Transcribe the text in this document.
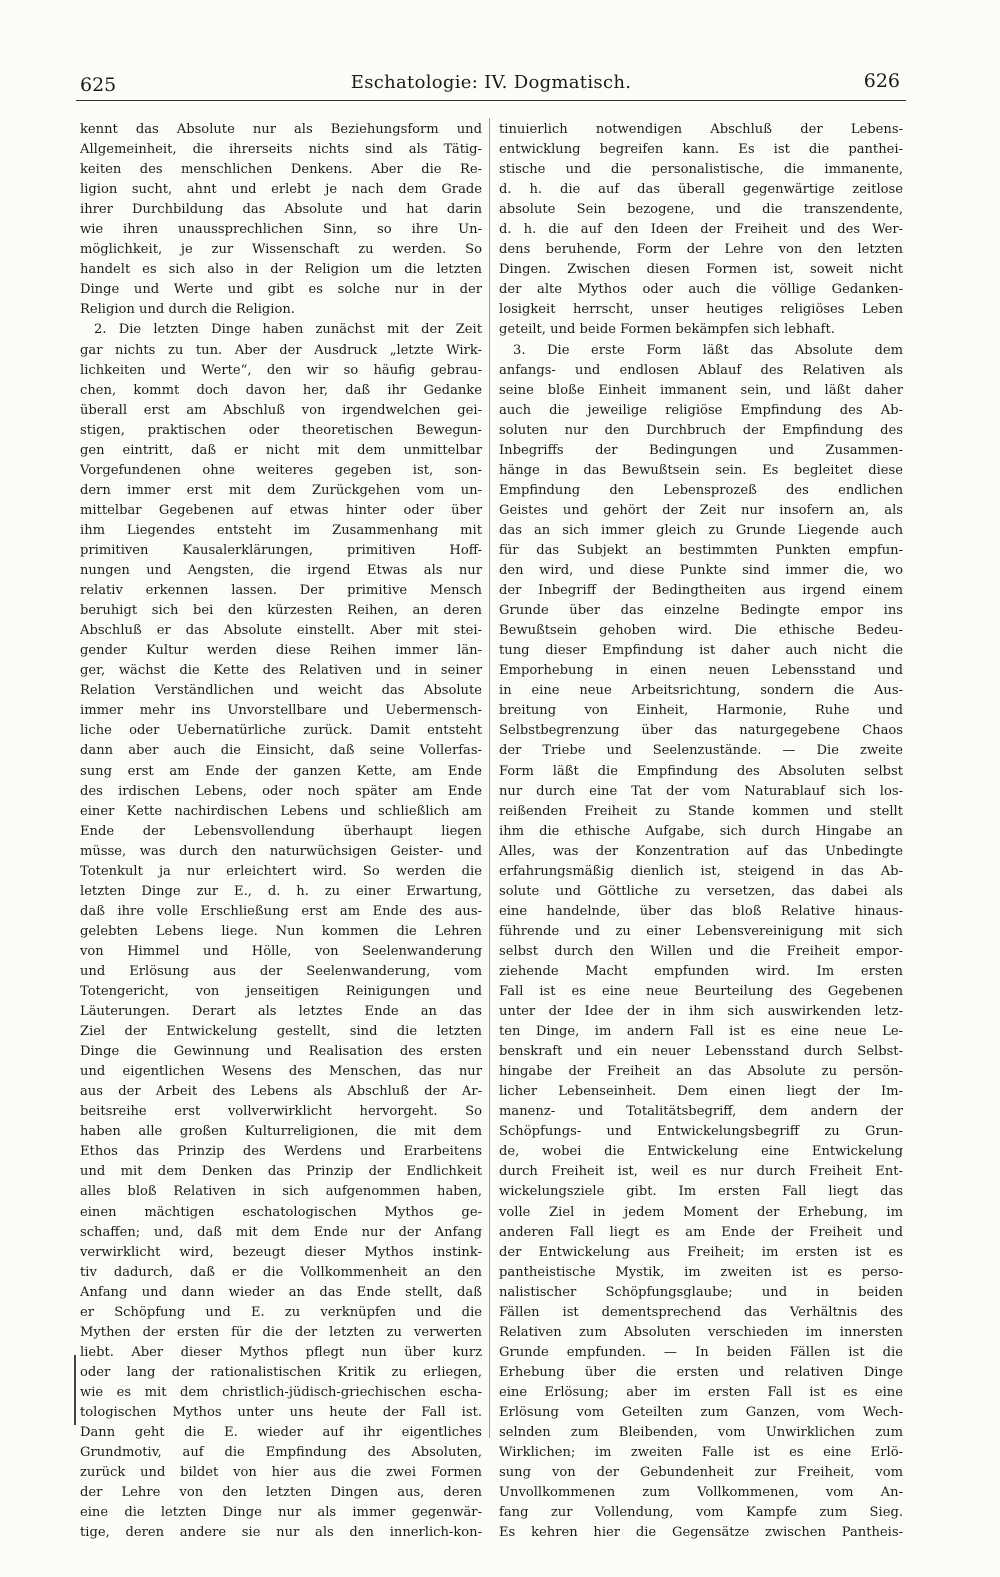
625	Eschatologie: IV. Dogmatisch.	626
kennt das Absolute nur als Beziehungsform und
Allgemeinheit, die ihrerseits nichts sind als Tätig-
keiten des menschlichen Denkens. Aber die Re-
ligion sucht, ahnt und erlebt je nach dem Grade
ihrer Durchbildung das Absolute und hat darin
wie ihren unaussprechlichen Sinn, so ihre Un-
möglichkeit, je zur Wissenschaft zu werden. So
handelt es sich also in der Religion um die letzten
Dinge und Werte und gibt es solche nur in der
Religion und durch die Religion.
2. Die letzten Dinge haben zunächst mit der Zeit
gar nichts zu tun. Aber der Ausdruck „letzte Wirk-
lichkeiten und Werte“, den wir so häufig gebrau-
chen, kommt doch davon her, daß ihr Gedanke
überall erst am Abschluß von irgendwelchen gei-
stigen, praktischen oder theoretischen Bewegun-
gen eintritt, daß er nicht mit dem unmittelbar
Vorgefundenen ohne weiteres gegeben ist, son-
dern immer erst mit dem Zurückgehen vom un-
mittelbar Gegebenen auf etwas hinter oder über
ihm Liegendes entsteht im Zusammenhang mit
primitiven Kausalerklärungen, primitiven Hoff-
nungen und Aengsten, die irgend Etwas als nur
relativ erkennen lassen. Der primitive Mensch
beruhigt sich bei den kürzesten Reihen, an deren
Abschluß er das Absolute einstellt. Aber mit stei-
gender Kultur werden diese Reihen immer län-
ger, wächst die Kette des Relativen und in seiner
Relation Verständlichen und weicht das Absolute
immer mehr ins Unvorstellbare und Uebermensch-
liche oder Uebernatürliche zurück. Damit entsteht
dann aber auch die Einsicht, daß seine Vollerfas-
sung erst am Ende der ganzen Kette, am Ende
des irdischen Lebens, oder noch später am Ende
einer Kette nachirdischen Lebens und schließlich am
Ende der Lebensvollendung überhaupt liegen
müsse, was durch den naturwüchsigen Geister- und
Totenkult ja nur erleichtert wird. So werden die
letzten Dinge zur E., d. h. zu einer Erwartung,
daß ihre volle Erschließung erst am Ende des aus-
gelebten Lebens liege. Nun kommen die Lehren
von Himmel und Hölle, von Seelenwanderung
und Erlösung aus der Seelenwanderung, vom
Totengericht, von jenseitigen Reinigungen und
Läuterungen. Derart als letztes Ende an das
Ziel der Entwickelung gestellt, sind die letzten
Dinge die Gewinnung und Realisation des ersten
und eigentlichen Wesens des Menschen, das nur
aus der Arbeit des Lebens als Abschluß der Ar-
beitsreihe erst vollverwirklicht hervorgeht. So
haben alle großen Kulturreligionen, die mit dem
Ethos das Prinzip des Werdens und Erarbeitens
und mit dem Denken das Prinzip der Endlichkeit
alles bloß Relativen in sich aufgenommen haben,
einen mächtigen eschatologischen Mythos ge-
schaffen; und, daß mit dem Ende nur der Anfang
verwirklicht wird, bezeugt dieser Mythos instink-
tiv dadurch, daß er die Vollkommenheit an den
Anfang und dann wieder an das Ende stellt, daß
er Schöpfung und E. zu verknüpfen und die
Mythen der ersten für die der letzten zu verwerten
liebt. Aber dieser Mythos pflegt nun über kurz
oder lang der rationalistischen Kritik zu erliegen,
wie es mit dem christlich-jüdisch-griechischen escha-
tologischen Mythos unter uns heute der Fall ist.
Dann geht die E. wieder auf ihr eigentliches
Grundmotiv, auf die Empfindung des Absoluten,
zurück und bildet von hier aus die zwei Formen
der Lehre von den letzten Dingen aus, deren
eine die letzten Dinge nur als immer gegenwär-
tige, deren andere sie nur als den innerlich-kon-
tinuierlich notwendigen Abschluß der Lebens-
entwicklung begreifen kann. Es ist die panthei-
stische und die personalistische, die immanente,
d. h. die auf das überall gegenwärtige zeitlose
absolute Sein bezogene, und die transzendente,
d. h. die auf den Ideen der Freiheit und des Wer-
dens beruhende, Form der Lehre von den letzten
Dingen. Zwischen diesen Formen ist, soweit nicht
der alte Mythos oder auch die völlige Gedanken-
losigkeit herrscht, unser heutiges religiöses Leben
geteilt, und beide Formen bekämpfen sich lebhaft.
3. Die erste Form läßt das Absolute dem
anfangs- und endlosen Ablauf des Relativen als
seine bloße Einheit immanent sein, und läßt daher
auch die jeweilige religiöse Empfindung des Ab-
soluten nur den Durchbruch der Empfindung des
Inbegriffs der Bedingungen und Zusammen-
hänge in das Bewußtsein sein. Es begleitet diese
Empfindung den Lebensprozeß des endlichen
Geistes und gehört der Zeit nur insofern an, als
das an sich immer gleich zu Grunde Liegende auch
für das Subjekt an bestimmten Punkten empfun-
den wird, und diese Punkte sind immer die, wo
der Inbegriff der Bedingtheiten aus irgend einem
Grunde über das einzelne Bedingte empor ins
Bewußtsein gehoben wird. Die ethische Bedeu-
tung dieser Empfindung ist daher auch nicht die
Emporhebung in einen neuen Lebensstand und
in eine neue Arbeitsrichtung, sondern die Aus-
breitung von Einheit, Harmonie, Ruhe und
Selbstbegrenzung über das naturgegebene Chaos
der Triebe und Seelenzustände. — Die zweite
Form läßt die Empfindung des Absoluten selbst
nur durch eine Tat der vom Naturablauf sich los-
reißenden Freiheit zu Stande kommen und stellt
ihm die ethische Aufgabe, sich durch Hingabe an
Alles, was der Konzentration auf das Unbedingte
erfahrungsmäßig dienlich ist, steigend in das Ab-
solute und Göttliche zu versetzen, das dabei als
eine handelnde, über das bloß Relative hinaus-
führende und zu einer Lebensvereinigung mit sich
selbst durch den Willen und die Freiheit empor-
ziehende Macht empfunden wird. Im ersten
Fall ist es eine neue Beurteilung des Gegebenen
unter der Idee der in ihm sich auswirkenden letz-
ten Dinge, im andern Fall ist es eine neue Le-
benskraft und ein neuer Lebensstand durch Selbst-
hingabe der Freiheit an das Absolute zu persön-
licher Lebenseinheit. Dem einen liegt der Im-
manenz- und Totalitätsbegriff, dem andern der
Schöpfungs- und Entwickelungsbegriff zu Grun-
de, wobei die Entwickelung eine Entwickelung
durch Freiheit ist, weil es nur durch Freiheit Ent-
wickelungsziele gibt. Im ersten Fall liegt das
volle Ziel in jedem Moment der Erhebung, im
anderen Fall liegt es am Ende der Freiheit und
der Entwickelung aus Freiheit; im ersten ist es
pantheistische Mystik, im zweiten ist es perso-
nalistischer Schöpfungsglaube; und in beiden
Fällen ist dementsprechend das Verhältnis des
Relativen zum Absoluten verschieden im innersten
Grunde empfunden. — In beiden Fällen ist die
Erhebung über die ersten und relativen Dinge
eine Erlösung; aber im ersten Fall ist es eine
Erlösung vom Geteilten zum Ganzen, vom Wech-
selnden zum Bleibenden, vom Unwirklichen zum
Wirklichen; im zweiten Falle ist es eine Erlö-
sung von der Gebundenheit zur Freiheit, vom
Unvollkommenen zum Vollkommenen, vom An-
fang zur Vollendung, vom Kampfe zum Sieg.
Es kehren hier die Gegensätze zwischen Pantheis-
